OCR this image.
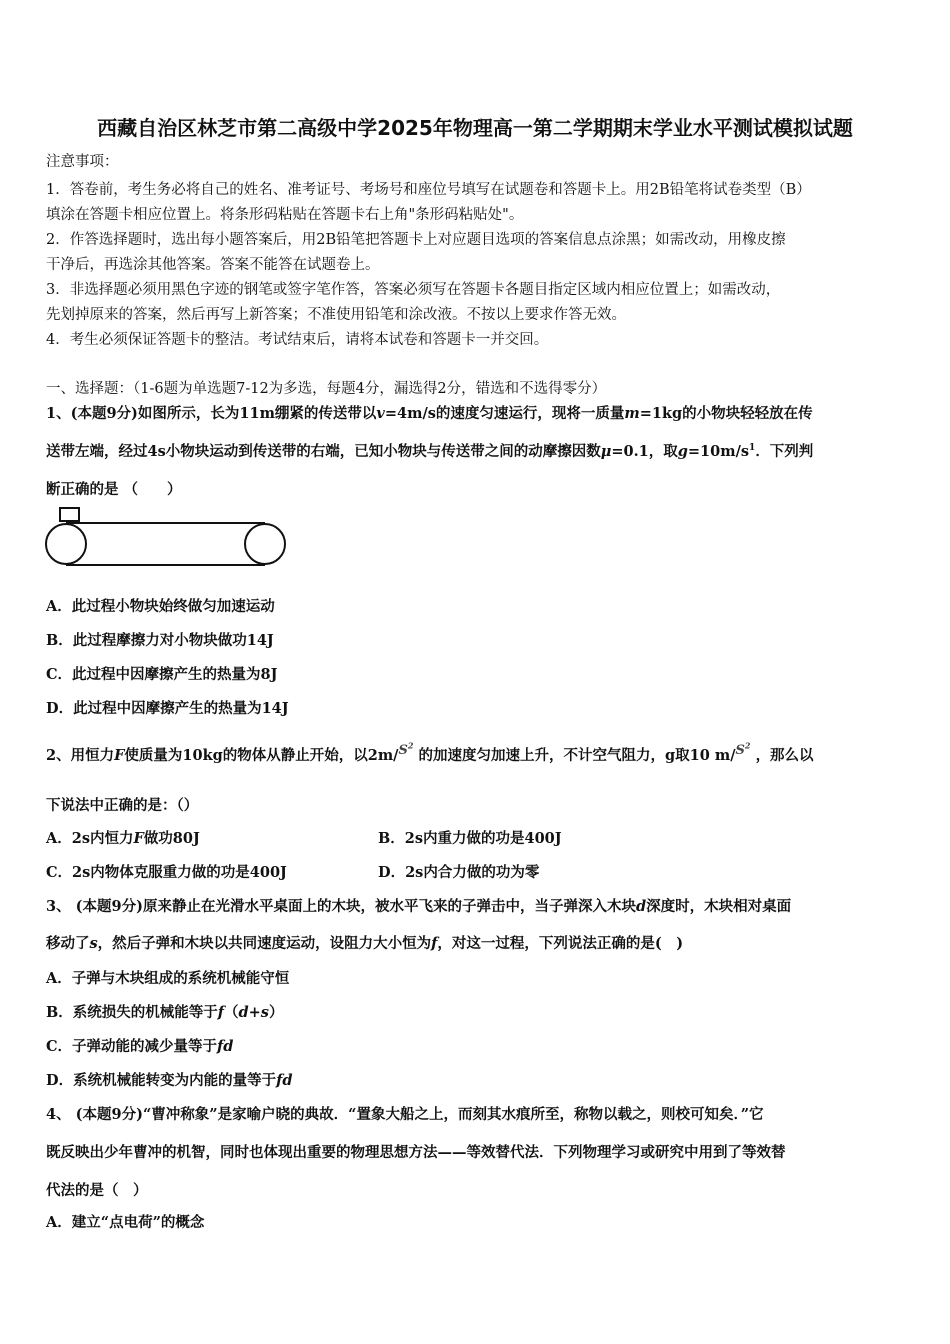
西藏自治区林芝市第二高级中学2025年物理高一第二学期期末学业水平测试模拟试题
注意事项：
1．答卷前，考生务必将自己的姓名、准考证号、考场号和座位号填写在试题卷和答题卡上。用2B铅笔将试卷类型（B）
填涂在答题卡相应位置上。将条形码粘贴在答题卡右上角"条形码粘贴处"。
2．作答选择题时，选出每小题答案后，用2B铅笔把答题卡上对应题目选项的答案信息点涂黑；如需改动，用橡皮擦
干净后，再选涂其他答案。答案不能答在试题卷上。
3．非选择题必须用黑色字迹的钢笔或签字笔作答，答案必须写在答题卡各题目指定区域内相应位置上；如需改动，
先划掉原来的答案，然后再写上新答案；不准使用铅笔和涂改液。不按以上要求作答无效。
4．考生必须保证答题卡的整洁。考试结束后，请将本试卷和答题卡一并交回。
一、选择题：（1-6题为单选题7-12为多选，每题4分，漏选得2分，错选和不选得零分）
1、(本题9分)如图所示，长为11m绷紧的传送带以v=4m/s的速度匀速运行，现将一质量m=1kg的小物块轻轻放在传
送带左端，经过4s小物块运动到传送带的右端，已知小物块与传送带之间的动摩擦因数μ=0.1，取$g=10m/s^1$．下列判
断正确的是 （　　）
A．此过程小物块始终做匀加速运动
B．此过程摩擦力对小物块做功14J
C．此过程中因摩擦产生的热量为8J
D．此过程中因摩擦产生的热量为14J
2、用恒力F使质量为10kg的物体从静止开始，以$2m/S^2$ 的加速度匀加速上升，不计空气阻力，g取10 $m/S^2$ ，那么以
下说法中正确的是：（）
A．2s内恒力F做功80J	B．2s内重力做的功是400J
C．2s内物体克服重力做的功是400J	D．2s内合力做的功为零
3、 (本题9分)原来静止在光滑水平桌面上的木块，被水平飞来的子弹击中，当子弹深入木块d深度时，木块相对桌面
移动了s，然后子弹和木块以共同速度运动，设阻力大小恒为f，对这一过程，下列说法正确的是(　)
A．子弹与木块组成的系统机械能守恒
B．系统损失的机械能等于f（d+s）
C．子弹动能的减少量等于fd
D．系统机械能转变为内能的量等于fd
4、 (本题9分)“曹冲称象”是家喻户晓的典故．“置象大船之上，而刻其水痕所至，称物以载之，则校可知矣．”它
既反映出少年曹冲的机智，同时也体现出重要的物理思想方法——等效替代法．下列物理学习或研究中用到了等效替
代法的是（　）
A．建立“点电荷”的概念
